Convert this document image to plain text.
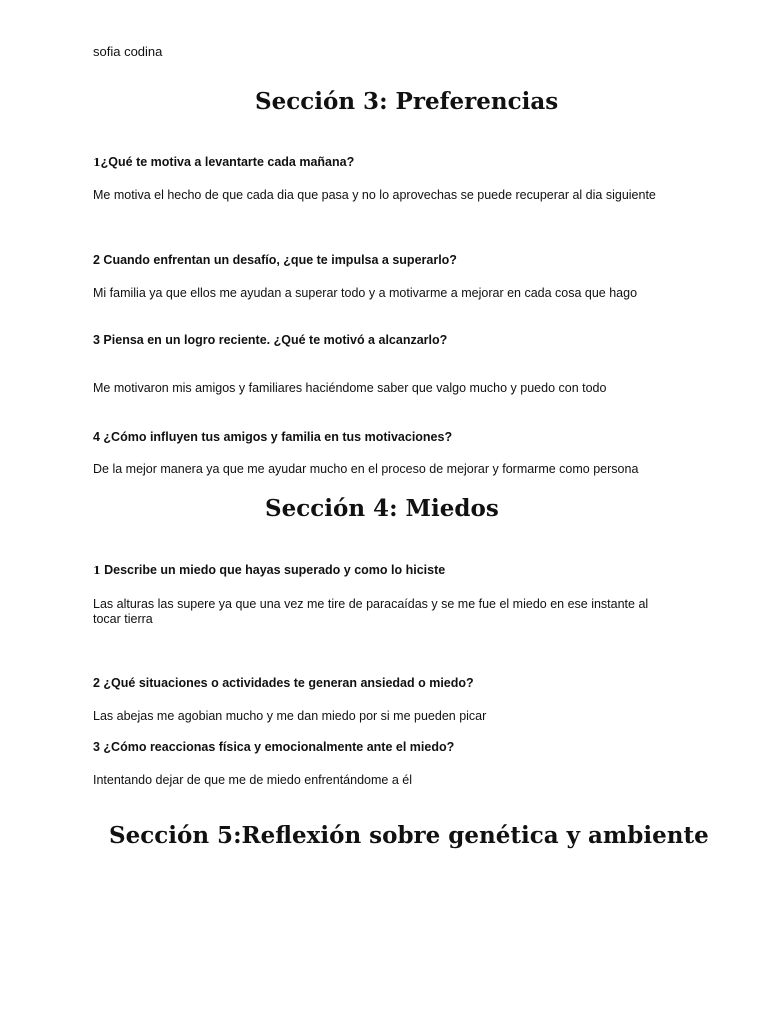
sofia codina
Sección 3: Preferencias
1¿Qué te motiva a levantarte cada mañana?
Me motiva el hecho de que cada dia que pasa y no lo aprovechas se puede recuperar al dia siguiente
2 Cuando enfrentan un desafío, ¿que te impulsa a superarlo?
Mi familia ya que ellos me ayudan a superar todo y a motivarme a mejorar en cada cosa que hago
3 Piensa en un logro reciente. ¿Qué te motivó a alcanzarlo?
Me motivaron mis amigos y familiares haciéndome saber que valgo mucho y puedo con todo
4 ¿Cómo influyen tus amigos y familia en tus motivaciones?
De la mejor manera ya que me ayudar mucho en el proceso de mejorar y formarme como persona
Sección 4: Miedos
1 Describe un miedo que hayas superado y como lo hiciste
Las alturas las supere ya que una vez me tire de paracaídas y se me fue el miedo en ese instante al tocar tierra
2 ¿Qué situaciones o actividades te generan ansiedad o miedo?
Las abejas me agobian mucho y me dan miedo por si me pueden picar
3 ¿Cómo reaccionas física y emocionalmente ante el miedo?
Intentando dejar de que me de miedo enfrentándome a él
Sección 5:Reflexión sobre genética y ambiente
